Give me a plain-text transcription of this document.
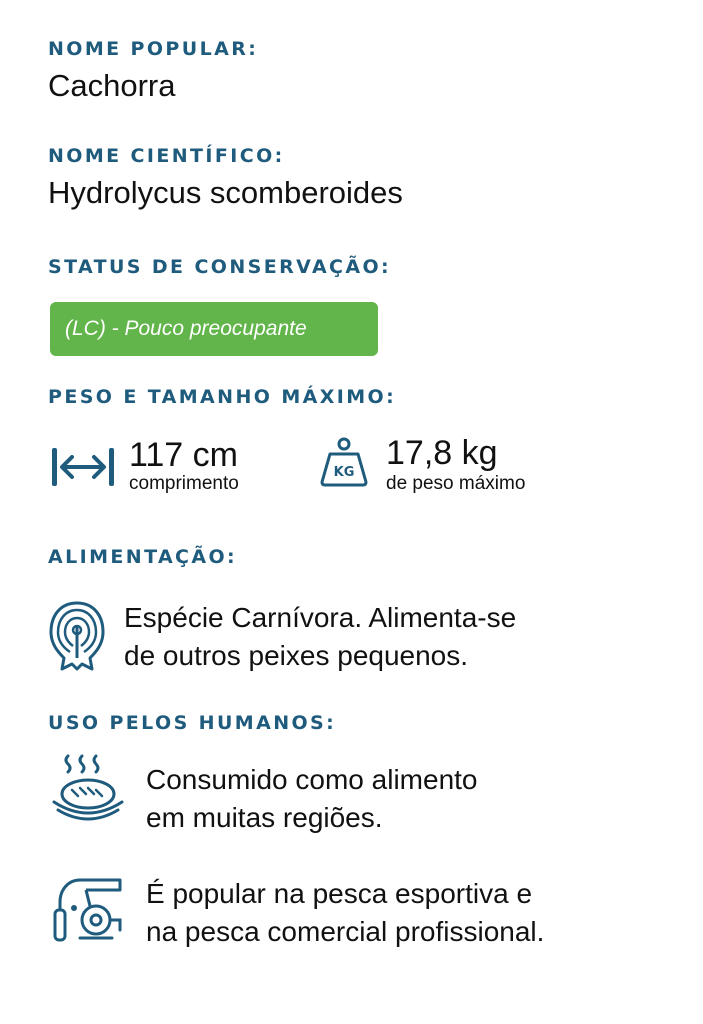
NOME POPULAR:

Cachorra

NOME CIENTÍFICO:

Hydrolycus scomberoides

STATUS DE CONSERVAÇÃO:

(LC) - Pouco preocupante

PESO E TAMANHO MÁXIMO:

117 cm
comprimento
KG
17,8 kg
de peso máximo

ALIMENTAÇÃO:

Espécie Carnívora. Alimenta-se
de outros peixes pequenos.

USO PELOS HUMANOS:

Consumido como alimento
em muitas regiões.
É popular na pesca esportiva e
na pesca comercial profissional.
